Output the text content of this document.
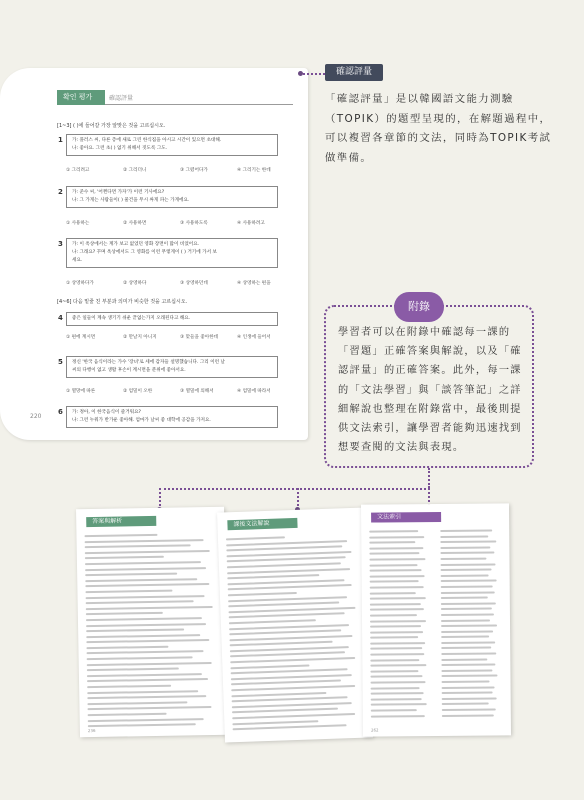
확인 평가	確認評量
[1~3] ( )에 들어갈 가장 알맞은 것을 고르십시오.
1 가: 플러스 씨, 다른 층에 새로 그린 한식집을 아시고 시간이 있으면 초대해.
나: 좋아요. 그런 초( ) 없기 위해서 짓도록 그도.
① 그리려고	② 그리더니	③ 그렸어다가	④ 그리기는 한데
2 가: 준수 씨, '어쩐다면 가자'가 이런 기사에요?
나: 그 가게는 사람들이( ) 물건을 무시 싸게 파는 가게에요.
① 사용하는	② 사용하면	③ 사용하도록	④ 사용하려고
3 가: 이 옥상에서는 계가 보고 없었던 영화 장면이 많이 비었어요.
나: 그래요? 꾸며 옥상에서도 그 영화를 이런 무렇게이 ( ) 거기에 가서 보
세요.
① 상영하다가	② 상영하다	③ 상영하던데	④ 상영하는 편을
[4~6] 다음 밑줄 친 부분과 의미가 비슷한 것을 고르십시오.
4 좋은 일들이 계속 생기기 쉬운 끝없는가지 오래된다고 해요.
① 편에 계시면	② 만날지 아니지	③ 맞들을 좋아한데	④ 인생에 들어서
5 정신 '한국 음식이라는 가수 '장녀'로 세에 감자들 설명했습니다. 그리 이런 날
씨의 다행이 없고 생활 후손이 계시면을 분위에 좋아서요.
① 열망에 따른	② 엄밀이 오한	③ 열밀에 의해서	④ 엄밀에 따라서
6 가: 정아, 이 한국음식이 즐거워요?
나: 그런 누워가 반가운 좋아해. 엄마가 날씨 좋 대학에 공감을 가져요.
220
確認評量
「確認評量」是以韓國語文能力測驗（TOPIK）的題型呈現的，在解題過程中，可以複習各章節的文法，同時為TOPIK考試做準備。
附錄
學習者可以在附錄中確認每一課的「習題」正確答案與解說，以及「確認評量」的正確答案。此外，每一課的「文法學習」與「談答筆記」之詳細解說也整理在附錄當中，最後則提供文法索引，讓學習者能夠迅速找到想要查閱的文法與表現。
答案與解析
236
課後文法解說
文法索引
262
